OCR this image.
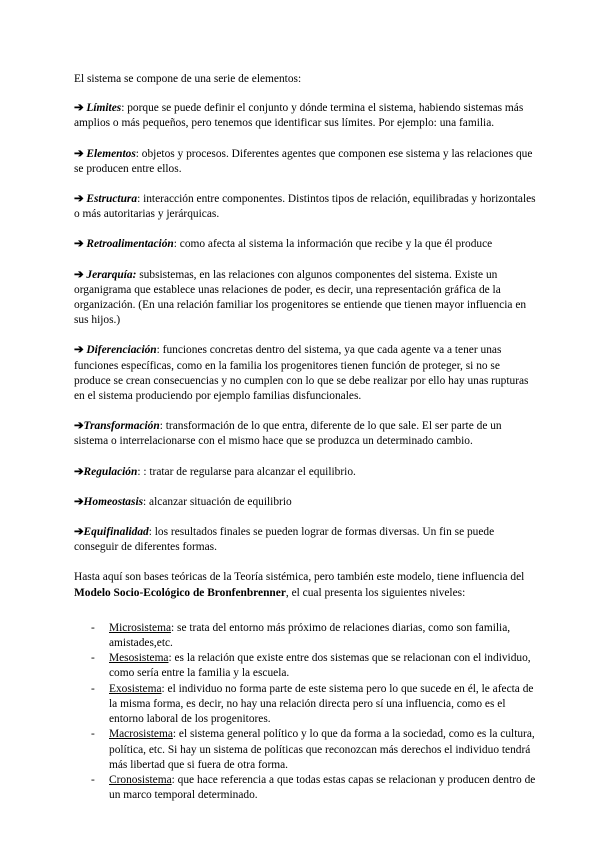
El sistema se compone de una serie de elementos:

➔ Límites: porque se puede definir el conjunto y dónde termina el sistema, habiendo sistemas más amplios o más pequeños, pero tenemos que identificar sus límites. Por ejemplo: una familia.

➔ Elementos: objetos y procesos. Diferentes agentes que componen ese sistema y las relaciones que se producen entre ellos.

➔ Estructura: interacción entre componentes. Distintos tipos de relación, equilibradas y horizontales o más autoritarias y jerárquicas.

➔ Retroalimentación: como afecta al sistema la información que recibe y la que él produce

➔ Jerarquía: subsistemas, en las relaciones con algunos componentes del sistema. Existe un organigrama que establece unas relaciones de poder, es decir, una representación gráfica de la organización. (En una relación familiar los progenitores se entiende que tienen mayor influencia en sus hijos.)

➔ Diferenciación: funciones concretas dentro del sistema, ya que cada agente va a tener unas funciones específicas, como en la familia los progenitores tienen función de proteger, si no se produce se crean consecuencias y no cumplen con lo que se debe realizar por ello hay unas rupturas en el sistema produciendo por ejemplo familias disfuncionales.

➔Transformación: transformación de lo que entra, diferente de lo que sale. El ser parte de un sistema o interrelacionarse con el mismo hace que se produzca un determinado cambio.

➔Regulación: : tratar de regularse para alcanzar el equilibrio.

➔Homeostasis: alcanzar situación de equilibrio

➔Equifinalidad: los resultados finales se pueden lograr de formas diversas. Un fin se puede conseguir de diferentes formas.

Hasta aquí son bases teóricas de la Teoría sistémica, pero también este modelo, tiene influencia del Modelo Socio-Ecológico de Bronfenbrenner, el cual presenta los siguientes niveles:

- Microsistema: se trata del entorno más próximo de relaciones diarias, como son familia, amistades,etc.
- Mesosistema: es la relación que existe entre dos sistemas que se relacionan con el individuo, como sería entre la familia y la escuela.
- Exosistema: el individuo no forma parte de este sistema pero lo que sucede en él, le afecta de la misma forma, es decir, no hay una relación directa pero sí una influencia, como es el entorno laboral de los progenitores.
- Macrosistema: el sistema general político y lo que da forma a la sociedad, como es la cultura, política, etc. Si hay un sistema de políticas que reconozcan más derechos el individuo tendrá más libertad que si fuera de otra forma.
- Cronosistema: que hace referencia a que todas estas capas se relacionan y producen dentro de un marco temporal determinado.
